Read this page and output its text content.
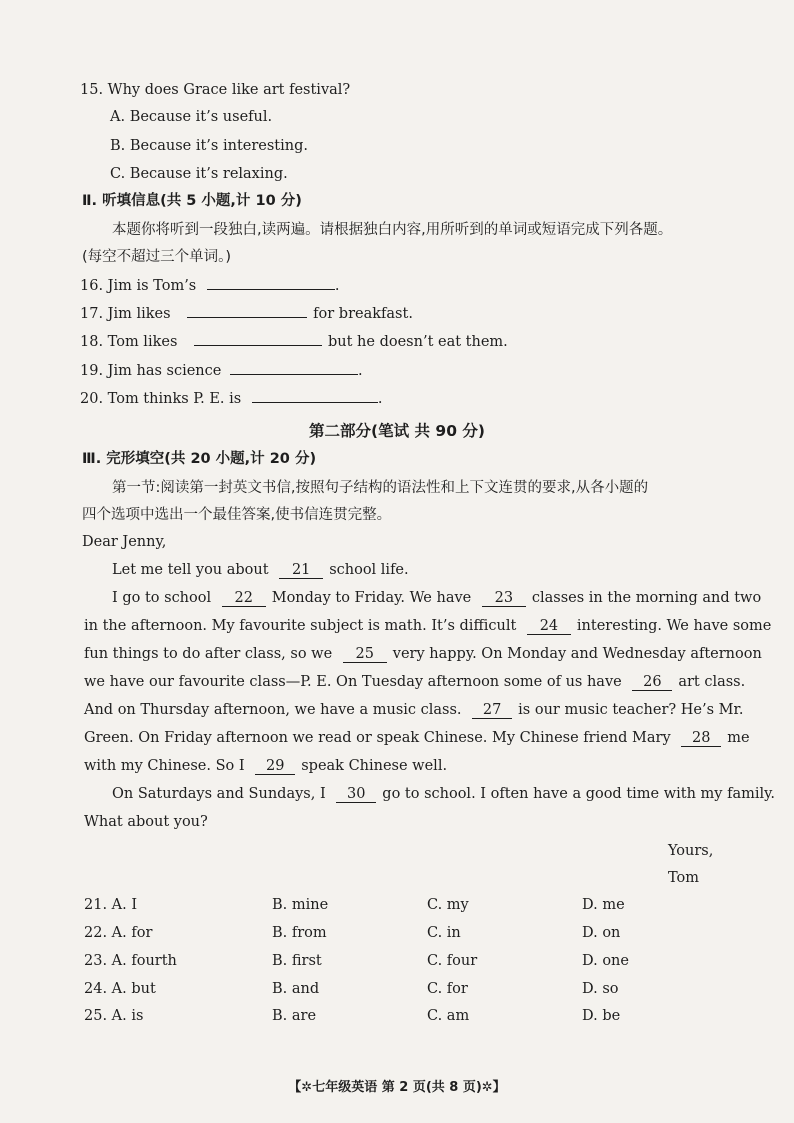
15. Why does Grace like art festival?
A. Because it’s useful.
B. Because it’s interesting.
C. Because it’s relaxing.
Ⅱ. 听填信息(共 5 小题,计 10 分)
本题你将听到一段独白,读两遍。请根据独白内容,用所听到的单词或短语完成下列各题。
(每空不超过三个单词。)
16. Jim is Tom’s	.
17. Jim likes	for breakfast.
18. Tom likes	but he doesn’t eat them.
19. Jim has science	.
20. Tom thinks P. E. is	.
第二部分(笔试 共 90 分)
Ⅲ. 完形填空(共 20 小题,计 20 分)
第一节:阅读第一封英文书信,按照句子结构的语法性和上下文连贯的要求,从各小题的
四个选项中选出一个最佳答案,使书信连贯完整。
Dear Jenny,
Let me tell you about 21 school life.
I go to school 22 Monday to Friday. We have 23 classes in the morning and two
in the afternoon. My favourite subject is math. It’s difficult 24 interesting. We have some
fun things to do after class, so we 25 very happy. On Monday and Wednesday afternoon
we have our favourite class—P. E. On Tuesday afternoon some of us have 26 art class.
And on Thursday afternoon, we have a music class. 27 is our music teacher? He’s Mr.
Green. On Friday afternoon we read or speak Chinese. My Chinese friend Mary 28 me
with my Chinese. So I 29 speak Chinese well.
On Saturdays and Sundays, I 30 go to school. I often have a good time with my family.
What about you?
Yours,
Tom
21. A. I	B. mine	C. my	D. me
22. A. for	B. from	C. in	D. on
23. A. fourth	B. first	C. four	D. one
24. A. but	B. and	C. for	D. so
25. A. is	B. are	C. am	D. be
【✲七年级英语 第 2 页(共 8 页)✲】
